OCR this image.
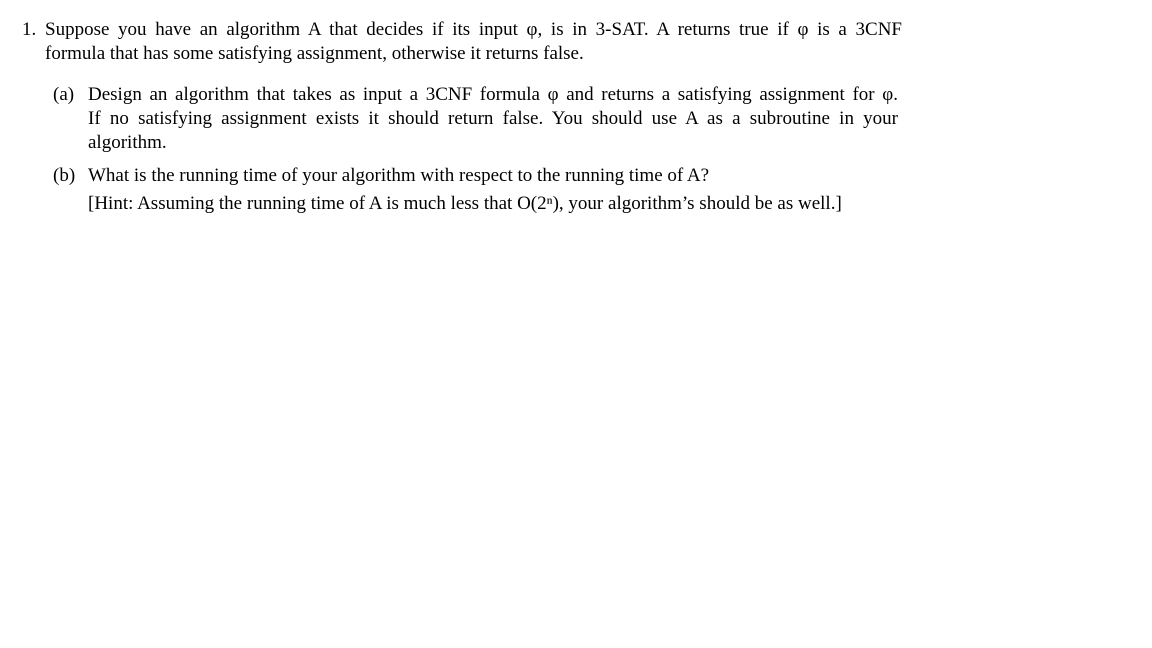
1. Suppose you have an algorithm A that decides if its input φ, is in 3-SAT. A returns true if φ is a 3CNF
formula that has some satisfying assignment, otherwise it returns false.
(a) Design an algorithm that takes as input a 3CNF formula φ and returns a satisfying assignment for φ.
If no satisfying assignment exists it should return false. You should use A as a subroutine in your
algorithm.
(b) What is the running time of your algorithm with respect to the running time of A?
[Hint: Assuming the running time of A is much less that O(2ⁿ), your algorithm’s should be as well.]
